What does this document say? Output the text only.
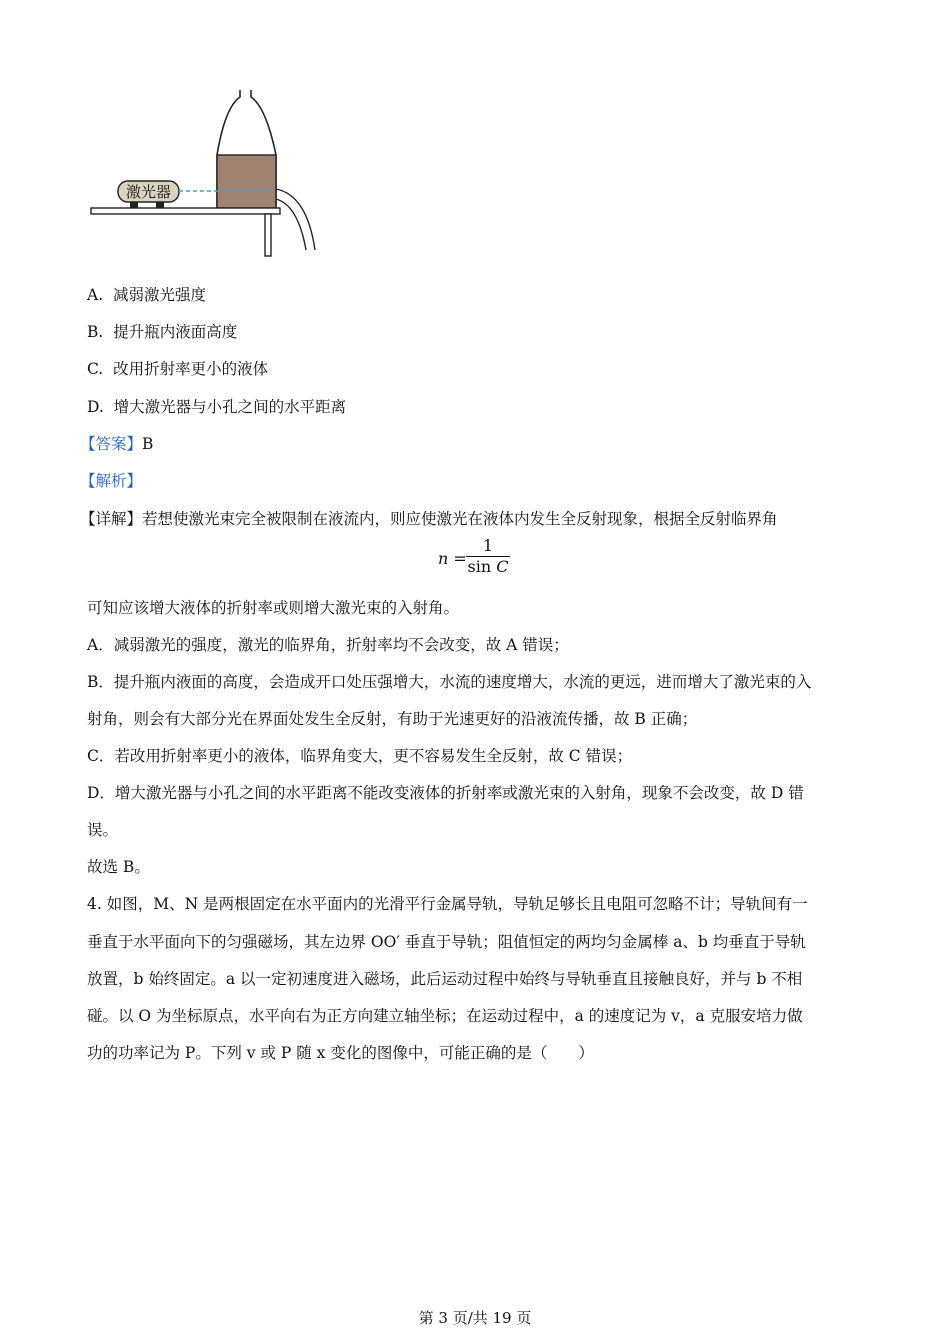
激光器
A. 减弱激光强度
B. 提升瓶内液面高度
C. 改用折射率更小的液体
D. 增大激光器与小孔之间的水平距离
【答案】B
【解析】
【详解】若想使激光束完全被限制在液流内，则应使激光在液体内发生全反射现象，根据全反射临界角
n =
1
sin C
可知应该增大液体的折射率或则增大激光束的入射角。
A．减弱激光的强度，激光的临界角，折射率均不会改变，故 A 错误；
B．提升瓶内液面的高度，会造成开口处压强增大，水流的速度增大，水流的更远，进而增大了激光束的入
射角，则会有大部分光在界面处发生全反射，有助于光速更好的沿液流传播，故 B 正确；
C．若改用折射率更小的液体，临界角变大，更不容易发生全反射，故 C 错误；
D．增大激光器与小孔之间的水平距离不能改变液体的折射率或激光束的入射角，现象不会改变，故 D 错
误。
故选 B。
4. 如图，M、N 是两根固定在水平面内的光滑平行金属导轨，导轨足够长且电阻可忽略不计；导轨间有一
垂直于水平面向下的匀强磁场，其左边界 OO′ 垂直于导轨；阻值恒定的两均匀金属棒 a、b 均垂直于导轨
放置，b 始终固定。a 以一定初速度进入磁场，此后运动过程中始终与导轨垂直且接触良好，并与 b 不相
碰。以 O 为坐标原点，水平向右为正方向建立轴坐标；在运动过程中，a 的速度记为 v，a 克服安培力做
功的功率记为 P。下列 v 或 P 随 x 变化的图像中，可能正确的是（　　）
第 3 页/共 19 页
